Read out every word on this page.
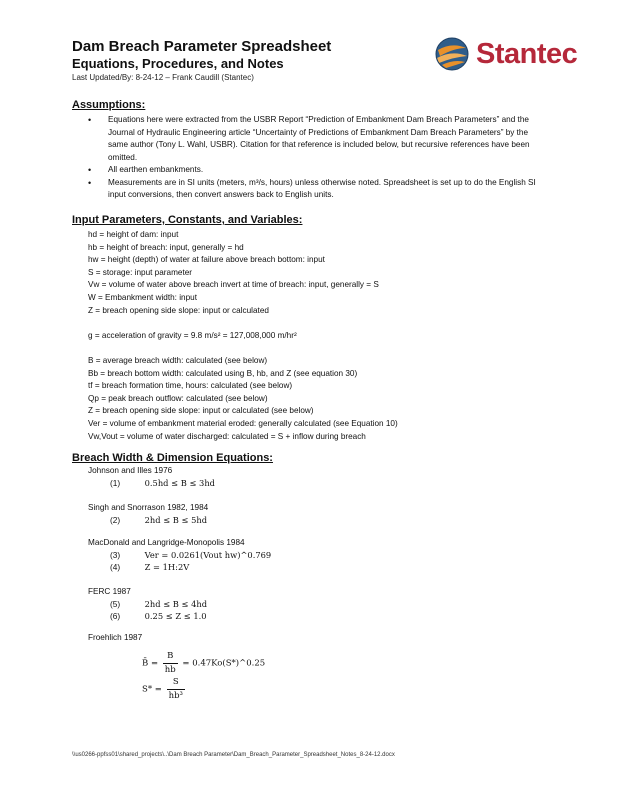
Dam Breach Parameter Spreadsheet
Equations, Procedures, and Notes
Last Updated/By: 8-24-12 – Frank Caudill (Stantec)
Stantec
Assumptions:
• Equations here were extracted from the USBR Report “Prediction of Embankment Dam Breach Parameters” and the Journal of Hydraulic Engineering article “Uncertainty of Predictions of Embankment Dam Breach Parameters” by the same author (Tony L. Wahl, USBR). Citation for that reference is included below, but recursive references have been omitted.
• All earthen embankments.
• Measurements are in SI units (meters, m³/s, hours) unless otherwise noted. Spreadsheet is set up to do the English SI input conversions, then convert answers back to English units.
Input Parameters, Constants, and Variables:
hd = height of dam: input
hb = height of breach: input, generally = hd
hw = height (depth) of water at failure above breach bottom: input
S = storage: input parameter
Vw = volume of water above breach invert at time of breach: input, generally = S
W = Embankment width: input
Z = breach opening side slope: input or calculated
g = acceleration of gravity = 9.8 m/s² = 127,008,000 m/hr²
B = average breach width: calculated (see below)
Bb = breach bottom width: calculated using B, hb, and Z (see equation 30)
tf = breach formation time, hours: calculated (see below)
Qp = peak breach outflow: calculated (see below)
Z = breach opening side slope: input or calculated (see below)
Ver = volume of embankment material eroded: generally calculated (see Equation 10)
Vw,Vout = volume of water discharged: calculated = S + inflow during breach
Breach Width & Dimension Equations:
Johnson and Illes 1976
(1)	0.5hd ≤ B ≤ 3hd
Singh and Snorrason 1982, 1984
(2)	2hd ≤ B ≤ 5hd
MacDonald and Langridge-Monopolis 1984
(3)	Ver = 0.0261(Vout hw)^0.769
(4)	Z = 1H:2V
FERC 1987
(5)	2hd ≤ B ≤ 4hd
(6)	0.25 ≤ Z ≤ 1.0
Froehlich 1987
B̄ = $\frac{B}{hb}$ = 0.47Ko(S*)^0.25
$S* = \frac{S}{\text{hb³}}$
\\us0266-ppfss01\shared_projects\..\Dam Breach Parameter\Dam_Breach_Parameter_Spreadsheet_Notes_8-24-12.docx
